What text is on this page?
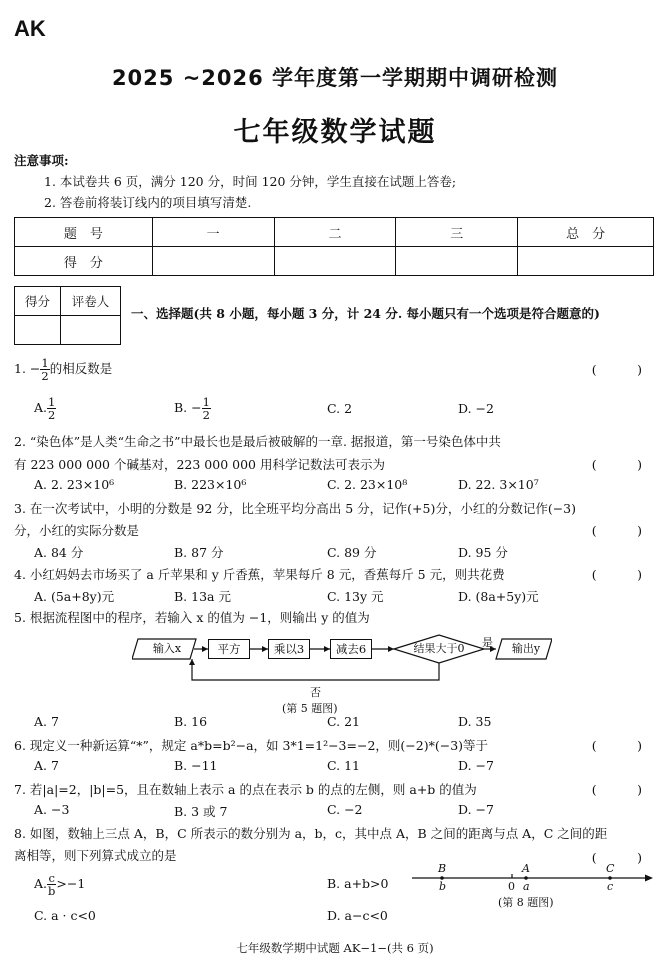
AK
2025 ~2026 学年度第一学期期中调研检测
七年级数学试题
注意事项:
1. 本试卷共 6 页，满分 120 分，时间 120 分钟，学生直接在试题上答卷;
2. 答卷前将装订线内的项目填写清楚.
题　号	一	二	三	总　分
得　分				
得分	评卷人

一、选择题(共 8 小题，每小题 3 分，计 24 分. 每小题只有一个选项是符合题意的)
1. − $\frac{1}{2}$ 的相反数是	(　)
A. $\frac{1}{2}$	B. − $\frac{1}{2}$	C. 2	D. −2
2. “染色体”是人类“生命之书”中最长也是最后被破解的一章. 据报道，第一号染色体中共
有 223 000 000 个碱基对，223 000 000 用科学记数法可表示为	(　)
A. 2. 23×10⁶	B. 223×10⁶	C. 2. 23×10⁸	D. 22. 3×10⁷
3. 在一次考试中，小明的分数是 92 分，比全班平均分高出 5 分，记作(+5)分，小红的分数记作(−3)
分，小红的实际分数是	(　)
A. 84 分	B. 87 分	C. 89 分	D. 95 分
4. 小红妈妈去市场买了 a 斤苹果和 y 斤香蕉，苹果每斤 8 元，香蕉每斤 5 元，则共花费	(　)
A. (5a+8y)元	B. 13a 元	C. 13y 元	D. (8a+5y)元
5. 根据流程图中的程序，若输入 x 的值为 −1，则输出 y 的值为
输入x	平方	乘以3	减去6	结果大于0	是	输出y
否
(第 5 题图)
A. 7	B. 16	C. 21	D. 35
6. 现定义一种新运算“*”，规定 a*b=b²−a，如 3*1=1²−3=−2，则(−2)*(−3)等于	(　)
A. 7	B. −11	C. 11	D. −7
7. 若|a|=2，|b|=5，且在数轴上表示 a 的点在表示 b 的点的左侧，则 a+b 的值为	(　)
A. −3	B. 3 或 7	C. −2	D. −7
8. 如图，数轴上三点 A，B，C 所表示的数分别为 a，b，c，其中点 A，B 之间的距离与点 A，C 之间的距
离相等，则下列算式成立的是	(　)
A. $\frac{c}{b} >-1$	B. a+b>0
C. a · c<0	D. a−c<0
B
b	0
A
a
C
c
(第 8 题图)
七年级数学期中试题 AK−1−(共 6 页)
